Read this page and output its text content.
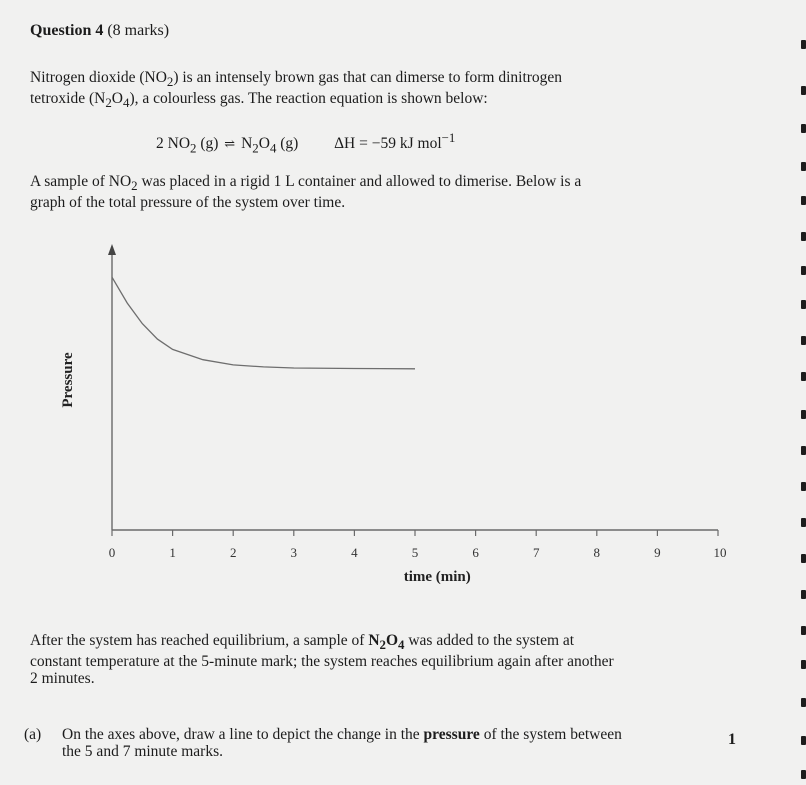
Question 4 (8 marks)
Nitrogen dioxide $(NO_2)$ is an intensely brown gas that can dimerse to form dinitrogen
tetroxide $(N_2O_4)$, a colourless gas. The reaction equation is shown below:
2 $NO_2$ (g) ⇌ $N_2O_4$ (g) ΔH = −59 kJ mol$^{-1}$
A sample of $NO_2$ was placed in a rigid 1 L container and allowed to dimerise. Below is a
graph of the total pressure of the system over time.
0	1	2	3	4	5	6	7	8	9	10
time (min)
Pressure
After the system has reached equilibrium, a sample of $N_2O_4$ was added to the system at
constant temperature at the 5-minute mark; the system reaches equilibrium again after another
2 minutes.
(a) On the axes above, draw a line to depict the change in the pressure of the system between
the 5 and 7 minute marks.
1
